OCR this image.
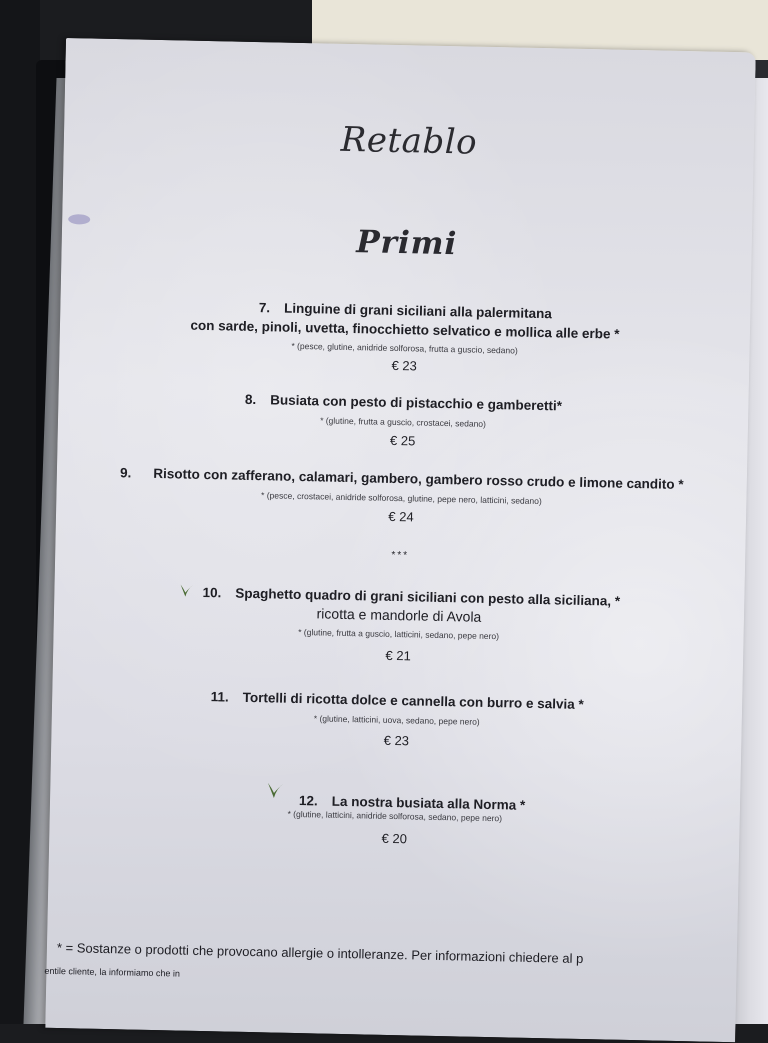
Retablo
Primi
7. Linguine di grani siciliani alla palermitana
con sarde, pinoli, uvetta, finocchietto selvatico e mollica alle erbe *
* (pesce, glutine, anidride solforosa, frutta a guscio, sedano)
€ 23
8. Busiata con pesto di pistacchio e gamberetti*
* (glutine, frutta a guscio, crostacei, sedano)
€ 25
9. Risotto con zafferano, calamari, gambero, gambero rosso crudo e limone candito *
* (pesce, crostacei, anidride solforosa, glutine, pepe nero, latticini, sedano)
€ 24
***
10. Spaghetto quadro di grani siciliani con pesto alla siciliana, *
ricotta e mandorle di Avola
* (glutine, frutta a guscio, latticini, sedano, pepe nero)
€ 21
11. Tortelli di ricotta dolce e cannella con burro e salvia *
* (glutine, latticini, uova, sedano, pepe nero)
€ 23
12. La nostra busiata alla Norma *
* (glutine, latticini, anidride solforosa, sedano, pepe nero)
€ 20
* = Sostanze o prodotti che provocano allergie o intolleranze. Per informazioni chiedere al p
entile cliente, la informiamo che in
